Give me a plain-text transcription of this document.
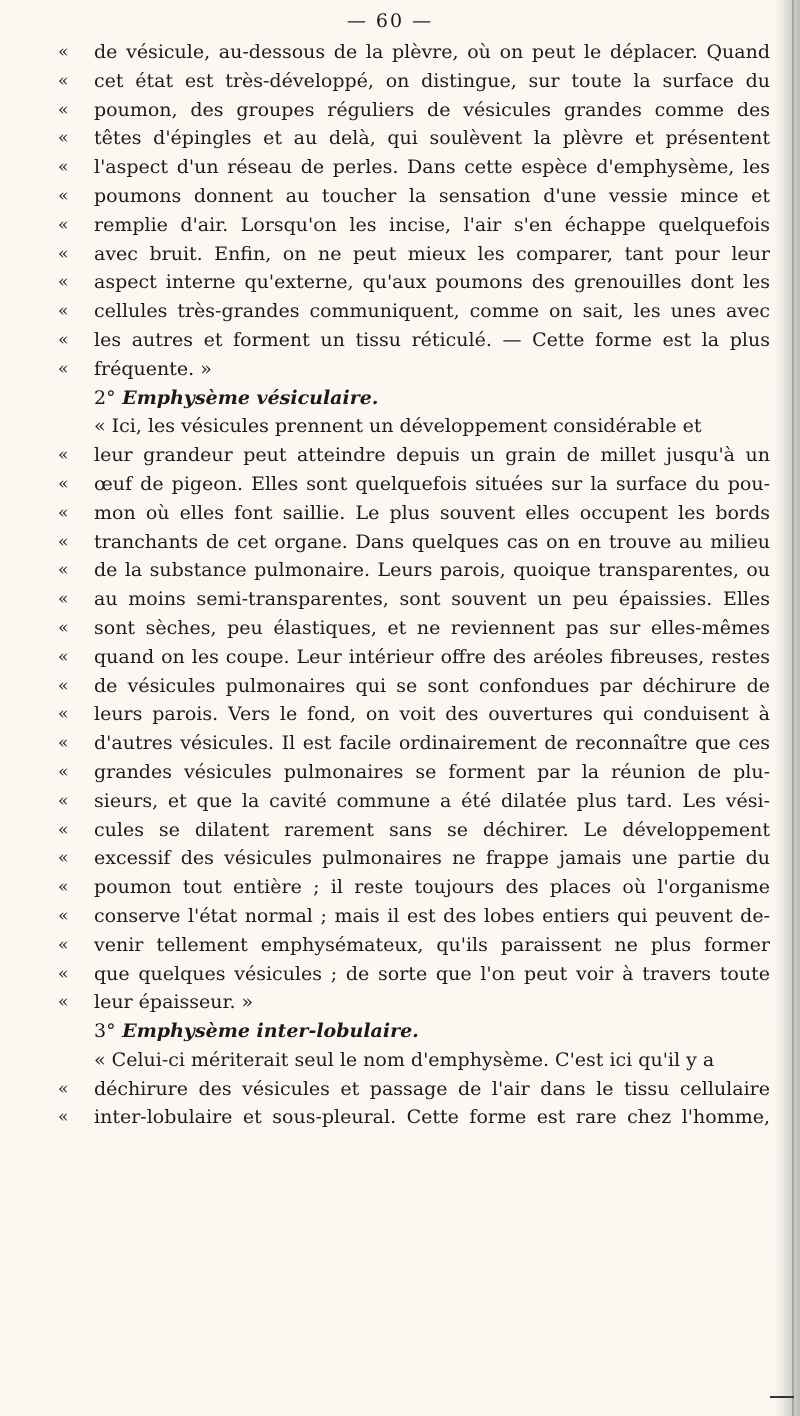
— 60 —
« de vésicule, au-dessous de la plèvre, où on peut le déplacer. Quand
« cet état est très-développé, on distingue, sur toute la surface du
« poumon, des groupes réguliers de vésicules grandes comme des
« têtes d'épingles et au delà, qui soulèvent la plèvre et présentent
« l'aspect d'un réseau de perles. Dans cette espèce d'emphysème, les
« poumons donnent au toucher la sensation d'une vessie mince et
« remplie d'air. Lorsqu'on les incise, l'air s'en échappe quelquefois
« avec bruit. Enfin, on ne peut mieux les comparer, tant pour leur
« aspect interne qu'externe, qu'aux poumons des grenouilles dont les
« cellules très-grandes communiquent, comme on sait, les unes avec
« les autres et forment un tissu réticulé. — Cette forme est la plus
« fréquente. »
2° Emphysème vésiculaire.
« Ici, les vésicules prennent un développement considérable et
« leur grandeur peut atteindre depuis un grain de millet jusqu'à un
« œuf de pigeon. Elles sont quelquefois situées sur la surface du pou-
« mon où elles font saillie. Le plus souvent elles occupent les bords
« tranchants de cet organe. Dans quelques cas on en trouve au milieu
« de la substance pulmonaire. Leurs parois, quoique transparentes, ou
« au moins semi-transparentes, sont souvent un peu épaissies. Elles
« sont sèches, peu élastiques, et ne reviennent pas sur elles-mêmes
« quand on les coupe. Leur intérieur offre des aréoles fibreuses, restes
« de vésicules pulmonaires qui se sont confondues par déchirure de
« leurs parois. Vers le fond, on voit des ouvertures qui conduisent à
« d'autres vésicules. Il est facile ordinairement de reconnaître que ces
« grandes vésicules pulmonaires se forment par la réunion de plu-
« sieurs, et que la cavité commune a été dilatée plus tard. Les vési-
« cules se dilatent rarement sans se déchirer. Le développement
« excessif des vésicules pulmonaires ne frappe jamais une partie du
« poumon tout entière ; il reste toujours des places où l'organisme
« conserve l'état normal ; mais il est des lobes entiers qui peuvent de-
« venir tellement emphysémateux, qu'ils paraissent ne plus former
« que quelques vésicules ; de sorte que l'on peut voir à travers toute
« leur épaisseur. »
3° Emphysème inter-lobulaire.
« Celui-ci mériterait seul le nom d'emphysème. C'est ici qu'il y a
« déchirure des vésicules et passage de l'air dans le tissu cellulaire
« inter-lobulaire et sous-pleural. Cette forme est rare chez l'homme,
